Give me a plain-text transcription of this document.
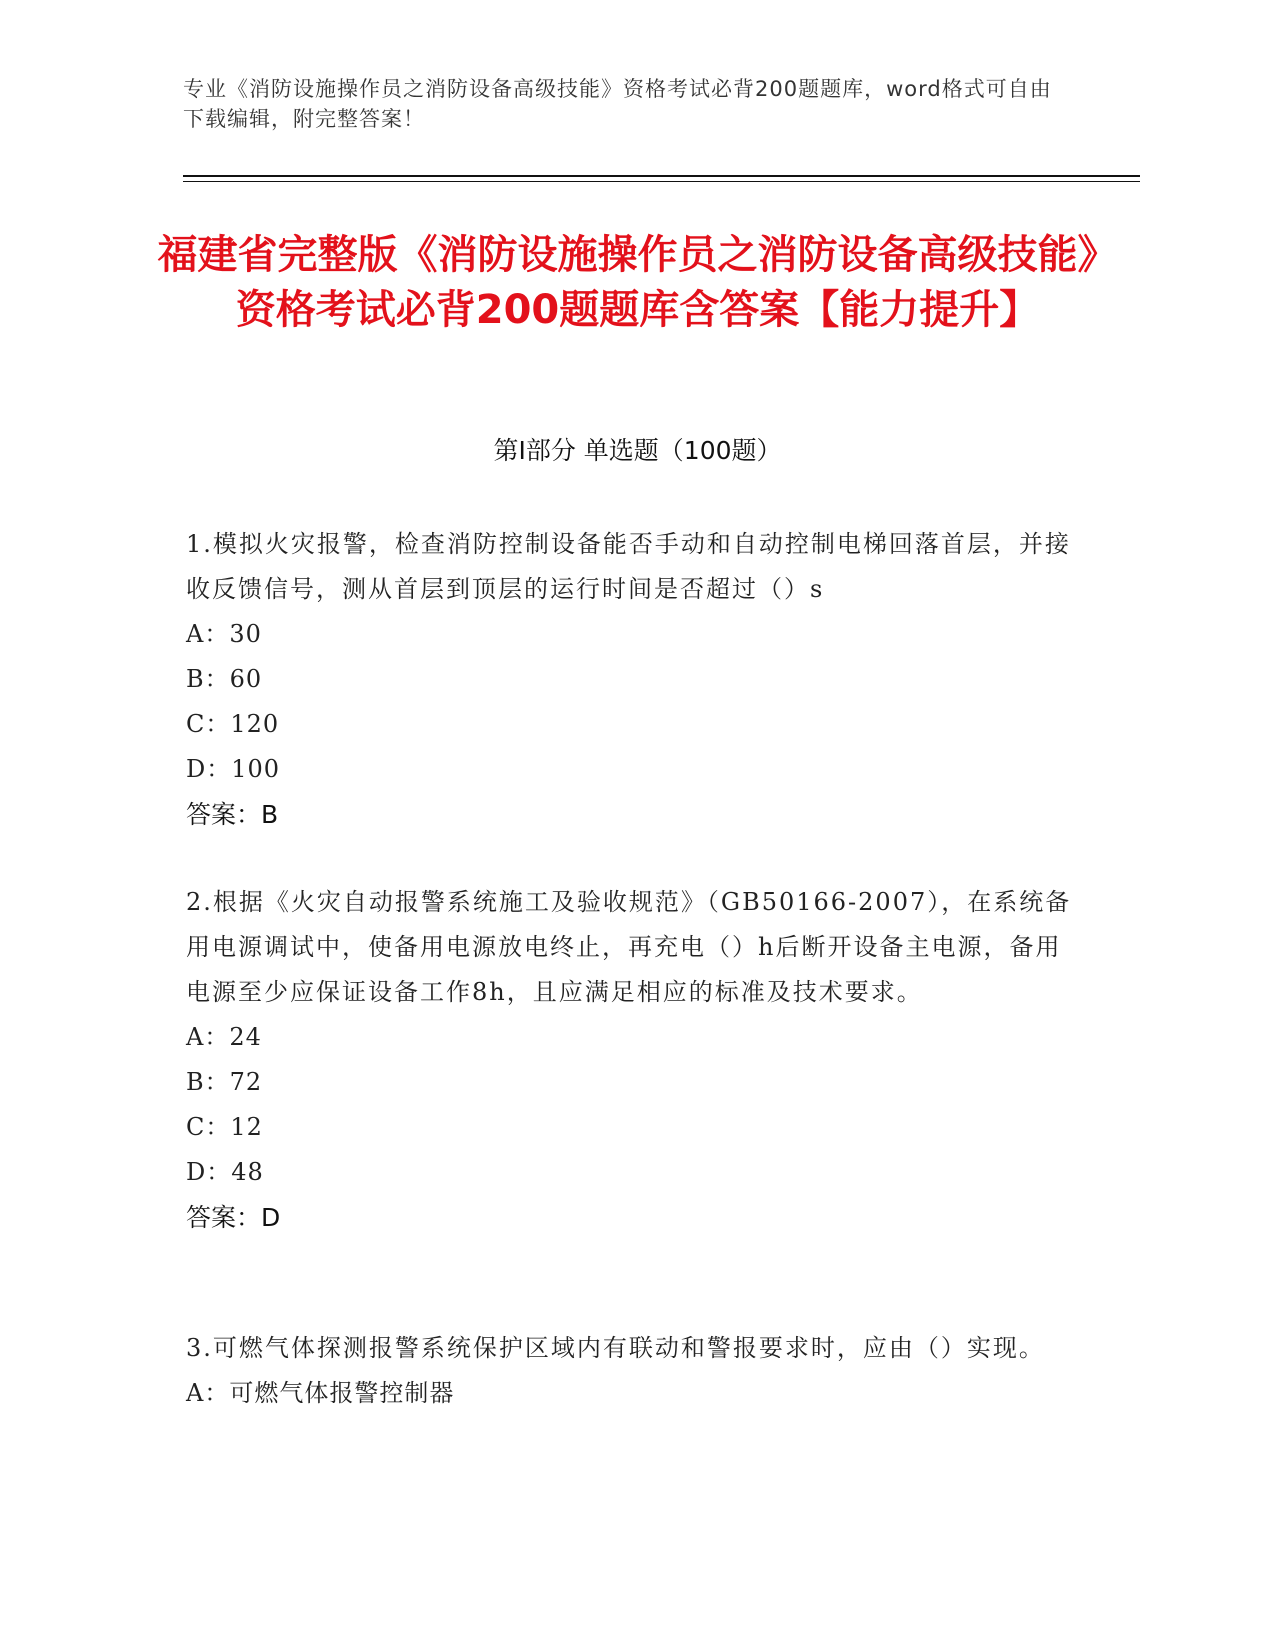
专业《消防设施操作员之消防设备高级技能》资格考试必背200题题库，word格式可自由下载编辑，附完整答案！
福建省完整版《消防设施操作员之消防设备高级技能》资格考试必背200题题库含答案【能力提升】
第Ⅰ部分 单选题（100题）

1.模拟火灾报警，检查消防控制设备能否手动和自动控制电梯回落首层，并接收反馈信号，测从首层到顶层的运行时间是否超过（）s

A：30

B：60

C：120

D：100

答案：B

2.根据《火灾自动报警系统施工及验收规范》（GB50166-2007），在系统备用电源调试中，使备用电源放电终止，再充电（）h后断开设备主电源，备用电源至少应保证设备工作8h，且应满足相应的标准及技术要求。

A：24

B：72

C：12

D：48

答案：D

3.可燃气体探测报警系统保护区域内有联动和警报要求时，应由（）实现。

A：可燃气体报警控制器
